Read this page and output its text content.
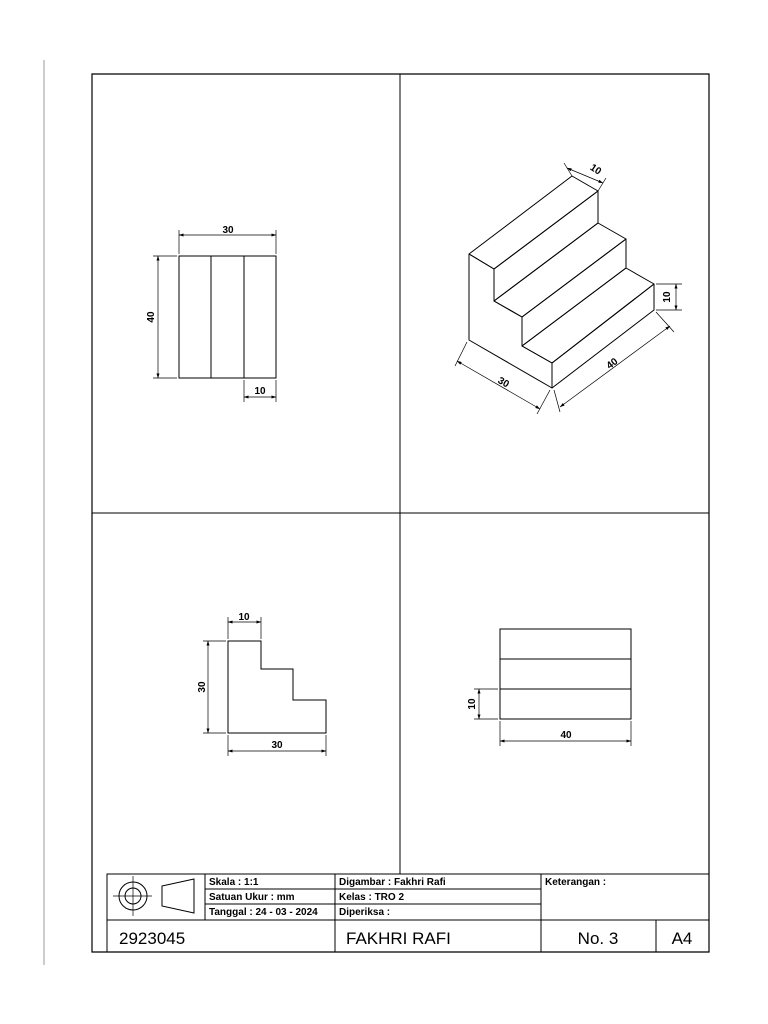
30
40
10
10
10
40
30
10
30
30
10
40
Skala : 1:1
Satuan Ukur : mm
Tanggal : 24 - 03 - 2024
Digambar : Fakhri Rafi
Kelas : TRO 2
Diperiksa :
Keterangan :
2923045	FAKHRI RAFI	No. 3	A4
